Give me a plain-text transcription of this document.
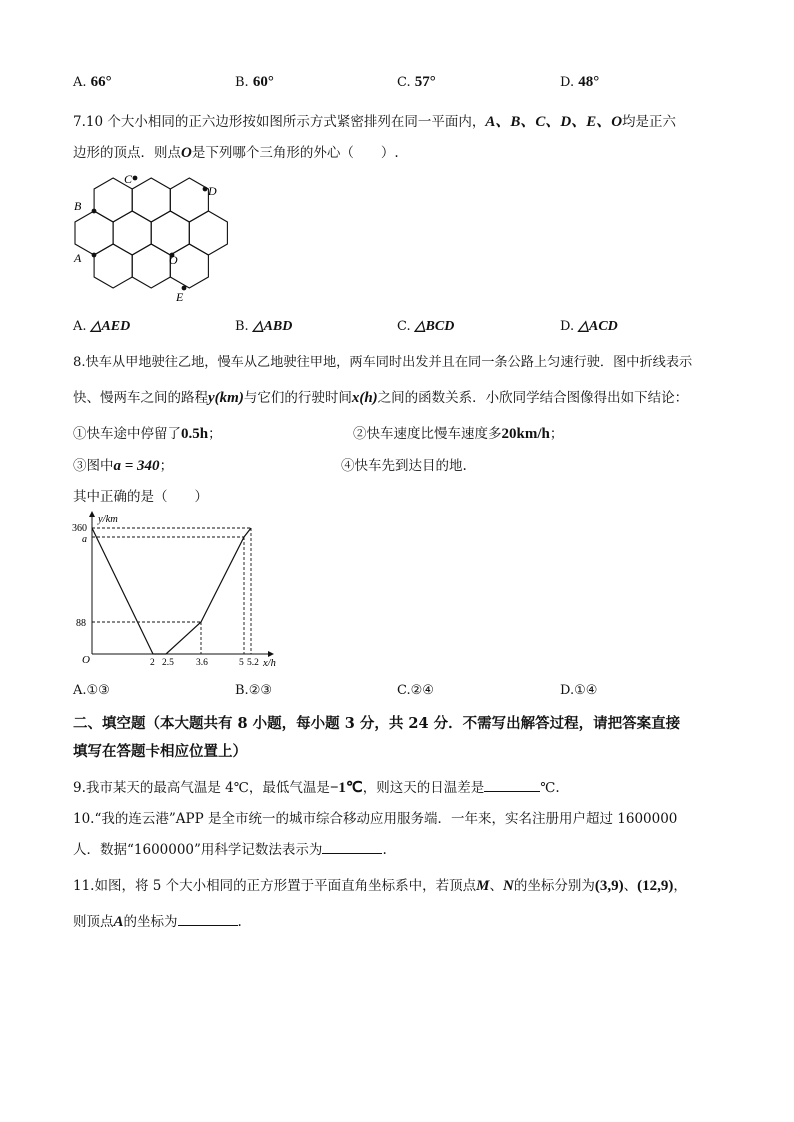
A. 66°	B. 60°	C. 57°	D. 48°
7.10 个大小相同的正六边形按如图所示方式紧密排列在同一平面内，A、B、C、D、E、O均是正六
边形的顶点．则点O是下列哪个三角形的外心（　　）.
B
C
D
A	O
E
A. △AED	B. △ABD	C. △BCD	D. △ACD
8.快车从甲地驶往乙地，慢车从乙地驶往甲地，两车同时出发并且在同一条公路上匀速行驶．图中折线表示
快、慢两车之间的路程y(km)与它们的行驶时间x(h)之间的函数关系．小欣同学结合图像得出如下结论：
①快车途中停留了0.5h；	②快车速度比慢车速度多20km/h；
③图中a = 340；	④快车先到达目的地.
其中正确的是（　　）
y/km
x/h
O
360
a
88
2 2.5 3.6	5 5.2
A.①③	B.②③	C.②④	D.①④
二、填空题（本大题共有 8 小题，每小题 3 分，共 24 分．不需写出解答过程，请把答案直接
填写在答题卡相应位置上）
9.我市某天的最高气温是 4℃，最低气温是−1℃，则这天的日温差是	℃.
10.“我的连云港”APP 是全市统一的城市综合移动应用服务端．一年来，实名注册用户超过 1600000
人．数据“1600000”用科学记数法表示为	.
11.如图，将 5 个大小相同的正方形置于平面直角坐标系中，若顶点M、N的坐标分别为(3,9)、(12,9)，
则顶点A的坐标为	.
